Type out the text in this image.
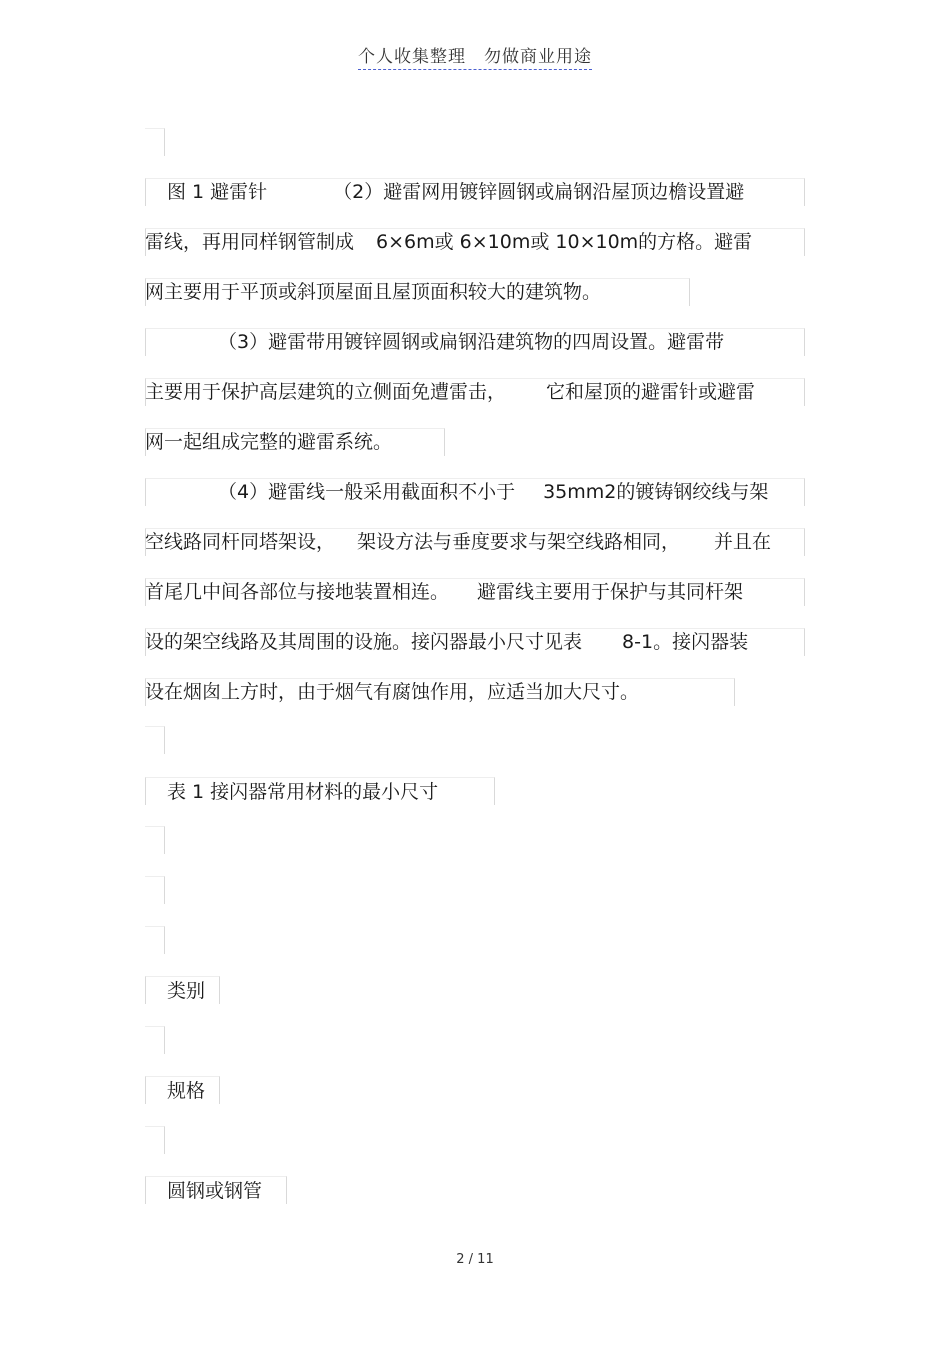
个人收集整理　勿做商业用途
图 1 避雷针	（2）避雷网用镀锌圆钢或扁钢沿屋顶边檐设置避
雷线，再用同样钢管制成 6×6m或 6×10m或 10×10m的方格。避雷
网主要用于平顶或斜顶屋面且屋顶面积较大的建筑物。
（3）避雷带用镀锌圆钢或扁钢沿建筑物的四周设置。避雷带
主要用于保护高层建筑的立侧面免遭雷击， 它和屋顶的避雷针或避雷
网一起组成完整的避雷系统。
（4）避雷线一般采用截面积不小于 35mm2的镀铸钢绞线与架
空线路同杆同塔架设， 架设方法与垂度要求与架空线路相同， 并且在
首尾几中间各部位与接地装置相连。 避雷线主要用于保护与其同杆架
设的架空线路及其周围的设施。接闪器最小尺寸见表 8-1。接闪器装
设在烟囱上方时，由于烟气有腐蚀作用，应适当加大尺寸。
表 1 接闪器常用材料的最小尺寸
类别
规格
圆钢或钢管
2 / 11
